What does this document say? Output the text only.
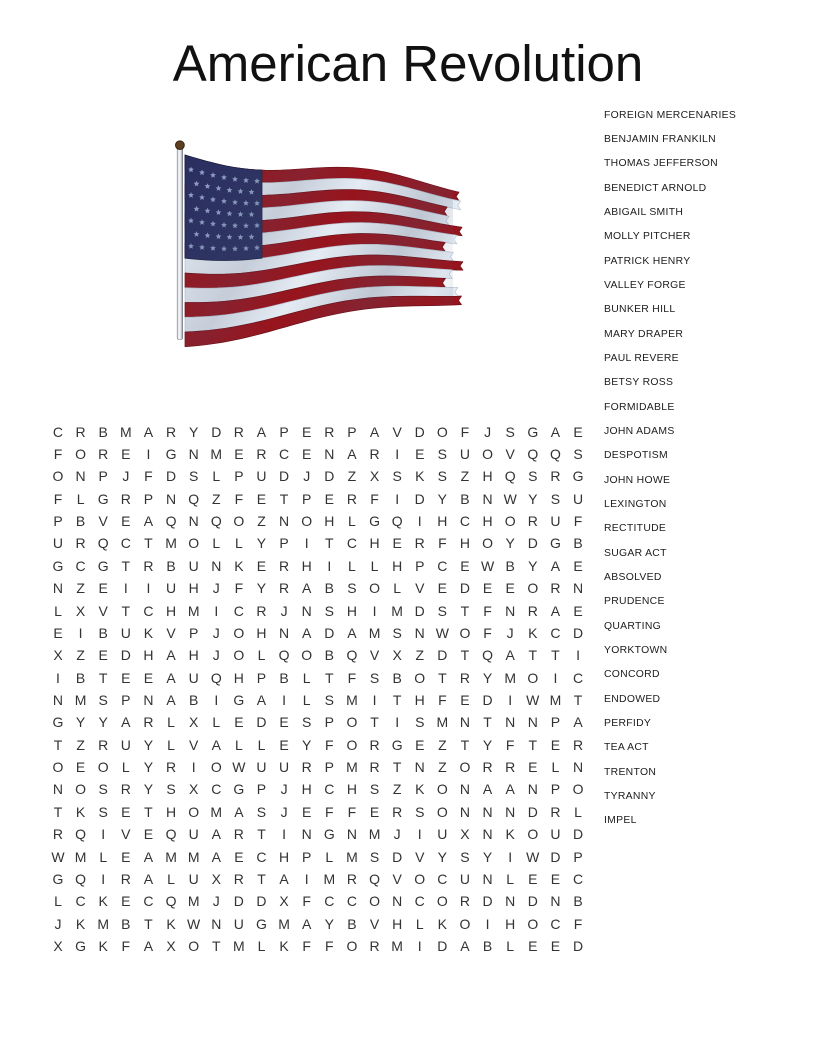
American Revolution
FOREIGN MERCENARIES
BENJAMIN FRANKILN
THOMAS JEFFERSON
BENEDICT ARNOLD
ABIGAIL SMITH
MOLLY PITCHER
PATRICK HENRY
VALLEY FORGE
BUNKER HILL
MARY DRAPER
PAUL REVERE
BETSY ROSS
FORMIDABLE
JOHN ADAMS
DESPOTISM
JOHN HOWE
LEXINGTON
RECTITUDE
SUGAR ACT
ABSOLVED
PRUDENCE
QUARTING
YORKTOWN
CONCORD
ENDOWED
PERFIDY
TEA ACT
TRENTON
TYRANNY
IMPEL
C R B M A R Y D R A P E R P A V D O F	J	S G A E
F O R E	I	G N M E R C E N A R	I	E S U O V Q Q S
O N P	J	F D S	L	P U D	J	D Z X S K S Z H Q S R G
F	L G R P N Q Z	F E T P E R F	I	D Y B N W Y S U
P B V E A Q N Q O Z N O H L G Q	I	H C H O R U F
U R Q C T M O L	L	Y P	I	T C H E R F H O Y D G B
G C G T R B U N K E R H	I	L	L H P C E W B Y A E
N Z E	I	I	U H	J	F Y R A B S O L	V E D E E O R N
L	X V T C H M	I	C R	J	N S H	I	M D S T	F N R A E
E	I	B U K V P	J O H N A D A M S N W O F	J	K C D
X Z E D H A H	J O L Q O B Q V X Z D T Q A T	T	I
I	B T E E A U Q H P B	L	T	F S B O T R Y M O	I	C
N M S P N A B	I	G A	I	L	S M	I	T H F E D	I	W M T
G Y Y A R L	X	L	E D E S P O T	I	S M N T N N P A
T	Z R U Y	L	V A	L	L	E Y F O R G E Z	T Y F	T E R
O E O L	Y R	I	O W U U R P M R T N Z O R R E	L N
N O S R Y S X C G P	J	H C H S Z K O N A A N P O
T K S E T H O M A S	J	E F	F E R S O N N N D R L
R Q	I	V E Q U A R T	I	N G N M J	I	U X N K O U D
W M L	E A M M A E C H P	L M S D V Y S Y	I	W D P
G Q	I	R A	L U X R T A	I	M R Q V O C U N L	E E C
L C K E C Q M J	D D X F C C O N C O R D N D N B
J	K M B T K W N U G M A Y B V H L	K O	I	H O C F
X G K F A X O T M L	K F	F O R M	I	D A B	L	E E D
